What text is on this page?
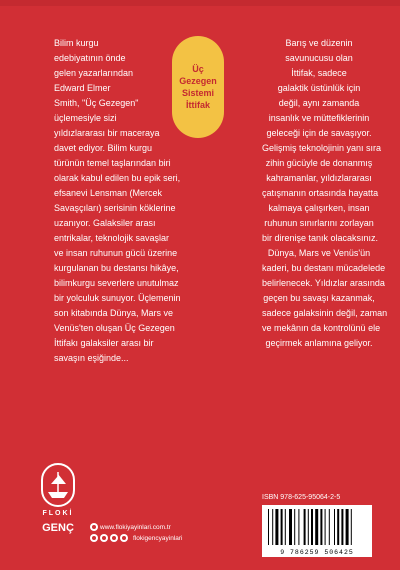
Bilim kurgu
edebiyatının önde
gelen yazarlarından
Edward Elmer
Smith, "Üç Gezegen"
üçlemesiyle sizi
yıldızlararası bir maceraya
davet ediyor. Bilim kurgu
türünün temel taşlarından biri
olarak kabul edilen bu epik seri,
efsanevi Lensman (Mercek
Savaşçıları) serisinin köklerine
uzanıyor. Galaksiler arası
entrikalar, teknolojik savaşlar
ve insan ruhunun gücü üzerine
kurgulanan bu destansı hikâye,
bilimkurgu severlere unutulmaz
bir yolculuk sunuyor. Üçlemenin
son kitabında Dünya, Mars ve
Venüs'ten oluşan Üç Gezegen
İttifakı galaksiler arası bir
savaşın eşiğinde...
Üç
Gezegen
Sistemi
İttifak
Barış ve düzenin
savunucusu olan
İttifak, sadece
galaktik üstünlük için
değil, aynı zamanda
insanlık ve müttefiklerinin
geleceği için de savaşıyor.
Gelişmiş teknolojinin yanı sıra
zihin gücüyle de donanmış
kahramanlar, yıldızlararası
çatışmanın ortasında hayatta
kalmaya çalışırken, insan
ruhunun sınırlarını zorlayan
bir direnişe tanık olacaksınız.
Dünya, Mars ve Venüs'ün
kaderi, bu destanı mücadelede
belirlenecek. Yıldızlar arasında
geçen bu savaşı kazanmak,
sadece galaksinin değil, zaman
ve mekânın da kontrolünü ele
geçirmek anlamına geliyor.
FLOKİ
GENÇ	www.flokiyayinlari.com.tr
flokigencyayinlari
ISBN 978-625-95064-2-5
9 786259 506425
